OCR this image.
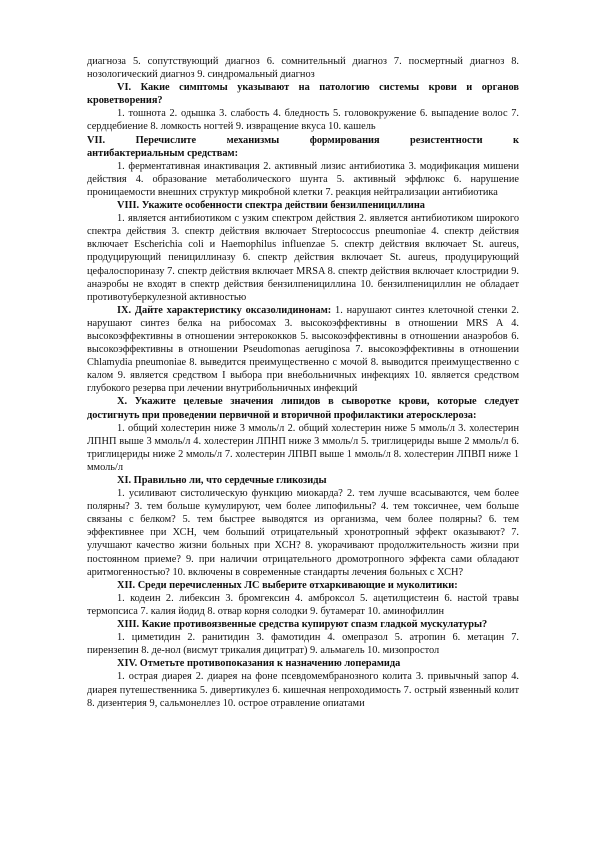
диагноза 5. сопутствующий диагноз 6. сомнительный диагноз 7. посмертный диагноз 8. нозологический диагноз 9. синдромальный диагноз

VI. Какие симптомы указывают на патологию системы крови и органов кроветворения?

1. тошнота 2. одышка 3. слабость 4. бледность 5. головокружение 6. выпадение волос 7. сердцебиение 8. ломкость ногтей 9. извращение вкуса 10. кашель

VII.	Перечислите	механизмы	формирования	резистентности	к

антибактериальным средствам:

1. ферментативная инактивация 2. активный лизис антибиотика 3. модификация мишени действия 4. образование метаболического шунта 5. активный эффлюкс 6. нарушение проницаемости внешних структур микробной клетки 7. реакция нейтрализации антибиотика

VIII. Укажите особенности спектра действии бензилпенициллина

1. является антибиотиком с узким спектром действия 2. является антибиотиком широкого спектра действия 3. спектр действия включает Streptococcus pneumoniae 4. спектр действия включает Escherichia coli и Haemophilus influenzae 5. спектр действия включает St. aureus, продуцирующий пенициллиназу 6. спектр действия включает St. aureus, продуцирующий цефалоспориназу 7. спектр действия включает MRSA 8. спектр действия включает клостридии 9. анаэробы не входят в спектр действия бензилпенициллина 10. бензилпенициллин не обладает противотуберкулезной активностью

IX. Дайте характеристику оксазолидинонам: 1. нарушают синтез клеточной стенки 2. нарушают синтез белка на рибосомах 3. высокоэффективны в отношении MRS A 4. высокоэффективны в отношении энтерококков 5. высокоэффективны в отношении анаэробов 6. высокоэффективны в отношении Pseudomonas aeruginosa 7. высокоэффективны в отношении Chlamydia pneumoniae 8. выведится преимущественно с мочой 8. выводится преимущественно с калом 9. является средством I выбора при внебольничных инфекциях 10. является средством глубокого резерва при лечении внутрибольничных инфекций

X. Укажите целевые значения липидов в сыворотке крови, которые следует достигнуть при проведении первичной и вторичной профилактики атеросклероза:

1. общий холестерин ниже 3 ммоль/л 2. общий холестерин ниже 5 ммоль/л 3. холестерин ЛПНП выше 3 ммоль/л 4. холестерин ЛПНП ниже 3 ммоль/л 5. триглицериды выше 2 ммоль/л 6. триглицериды ниже 2 ммоль/л 7. холестерин ЛПВП выше 1 ммоль/л 8. холестерин ЛПВП ниже 1 ммоль/л

XI. Правильно ли, что сердечные гликозиды

1. усиливают систолическую функцию миокарда? 2. тем лучше всасываются, чем более полярны? 3. тем больше кумулируют, чем более липофильны? 4. тем токсичнее, чем больше связаны с белком? 5. тем быстрее выводятся из организма, чем более полярны? 6. тем эффективнее при ХСН, чем больший отрицательный хронотропный эффект оказывают? 7. улучшают качество жизни больных при ХСН? 8. укорачивают продолжительность жизни при постоянном приеме? 9. при наличии отрицательного дромотропного эффекта сами обладают аритмогенностью? 10. включены в современные стандарты лечения больных с ХСН?

XII. Среди перечисленных ЛС выберите отхаркивающие и муколитики:

1. кодеин 2. либексин 3. бромгексин 4. амброксол 5. ацетилцистеин 6. настой травы термопсиса 7. калия йодид 8. отвар корня солодки 9. бутамерат 10. аминофиллин

XIII. Какие противоязвенные средства купируют спазм гладкой мускулатуры?

1. циметидин 2. ранитидин 3. фамотидин 4. омепразол 5. атропин 6. метацин 7. пирензепин 8. де-нол (висмут трикалия дицитрат) 9. альмагель 10. мизопростол

XIV. Отметьте противопоказания к назначению лоперамида

1. острая диарея 2. диарея на фоне псевдомембранозного колита 3. привычный запор 4. диарея путешественника 5. дивертикулез 6. кишечная непроходимость 7. острый язвенный колит 8. дизентерия 9, сальмонеллез 10. острое отравление опиатами
